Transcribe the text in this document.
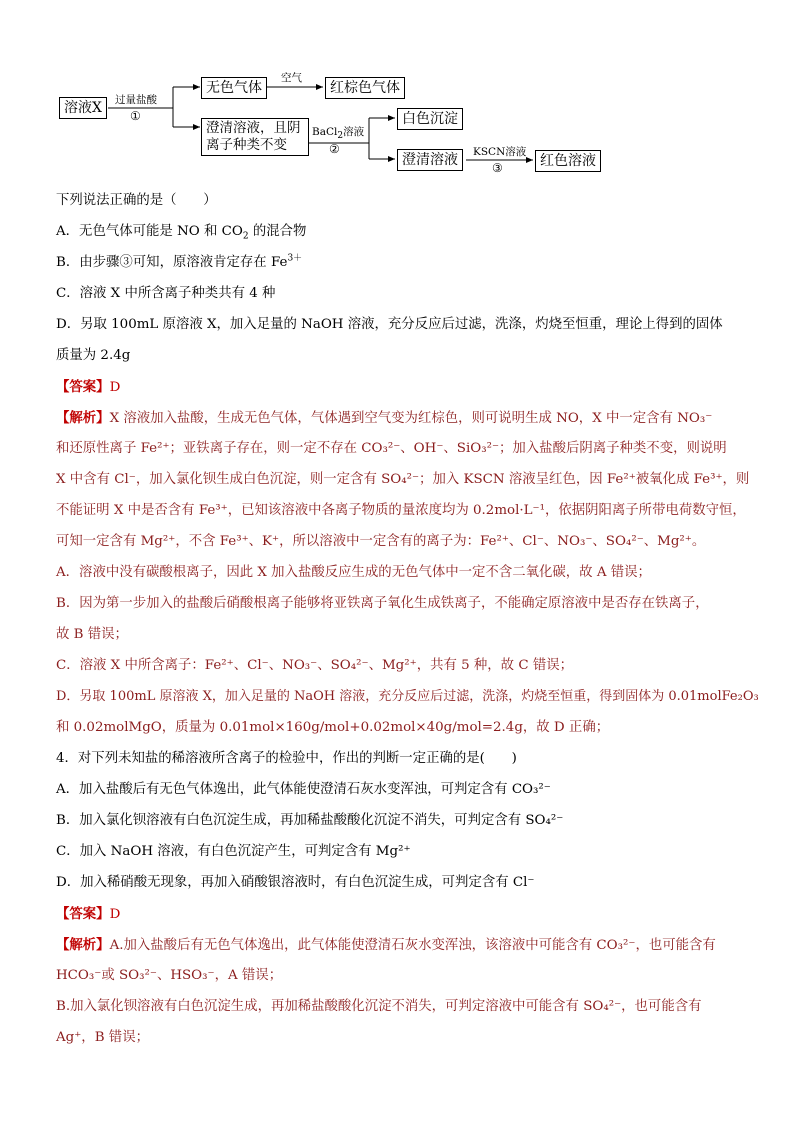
溶液X	过量盐酸
①
无色气体
空气
红棕色气体
澄清溶液，且阴离子种类不变
BaCl$_2$溶液
②
白色沉淀
澄清溶液	KSCN溶液
③	红色溶液
下列说法正确的是（　　）
A．无色气体可能是 NO 和 $CO_2$ 的混合物
B．由步骤③可知，原溶液肯定存在 $Fe^{3+}$
C．溶液 X 中所含离子种类共有 4 种
D．另取 100mL 原溶液 X，加入足量的 NaOH 溶液，充分反应后过滤，洗涤，灼烧至恒重，理论上得到的固体
质量为 2.4g
【答案】D
【解析】X 溶液加入盐酸，生成无色气体，气体遇到空气变为红棕色，则可说明生成 NO，X 中一定含有 NO₃⁻
和还原性离子 Fe²⁺；亚铁离子存在，则一定不存在 CO₃²⁻、OH⁻、SiO₃²⁻；加入盐酸后阴离子种类不变，则说明
X 中含有 Cl⁻，加入氯化钡生成白色沉淀，则一定含有 SO₄²⁻；加入 KSCN 溶液呈红色，因 Fe²⁺被氧化成 Fe³⁺，则
不能证明 X 中是否含有 Fe³⁺，已知该溶液中各离子物质的量浓度均为 0.2mol·L⁻¹，依据阴阳离子所带电荷数守恒，
可知一定含有 Mg²⁺，不含 Fe³⁺、K⁺，所以溶液中一定含有的离子为：Fe²⁺、Cl⁻、NO₃⁻、SO₄²⁻、Mg²⁺。
A．溶液中没有碳酸根离子，因此 X 加入盐酸反应生成的无色气体中一定不含二氧化碳，故 A 错误；
B．因为第一步加入的盐酸后硝酸根离子能够将亚铁离子氧化生成铁离子，不能确定原溶液中是否存在铁离子，
故 B 错误；
C．溶液 X 中所含离子：Fe²⁺、Cl⁻、NO₃⁻、SO₄²⁻、Mg²⁺，共有 5 种，故 C 错误；
D．另取 100mL 原溶液 X，加入足量的 NaOH 溶液，充分反应后过滤，洗涤，灼烧至恒重，得到固体为 0.01molFe₂O₃
和 0.02molMgO，质量为 0.01mol×160g/mol+0.02mol×40g/mol=2.4g，故 D 正确；
4．对下列未知盐的稀溶液所含离子的检验中，作出的判断一定正确的是(　　)
A．加入盐酸后有无色气体逸出，此气体能使澄清石灰水变浑浊，可判定含有 CO₃²⁻
B．加入氯化钡溶液有白色沉淀生成，再加稀盐酸酸化沉淀不消失，可判定含有 SO₄²⁻
C．加入 NaOH 溶液，有白色沉淀产生，可判定含有 Mg²⁺
D．加入稀硝酸无现象，再加入硝酸银溶液时，有白色沉淀生成，可判定含有 Cl⁻
【答案】D
【解析】A.加入盐酸后有无色气体逸出，此气体能使澄清石灰水变浑浊，该溶液中可能含有 CO₃²⁻，也可能含有
HCO₃⁻或 SO₃²⁻、HSO₃⁻，A 错误；
B.加入氯化钡溶液有白色沉淀生成，再加稀盐酸酸化沉淀不消失，可判定溶液中可能含有 SO₄²⁻，也可能含有
Ag⁺，B 错误；
